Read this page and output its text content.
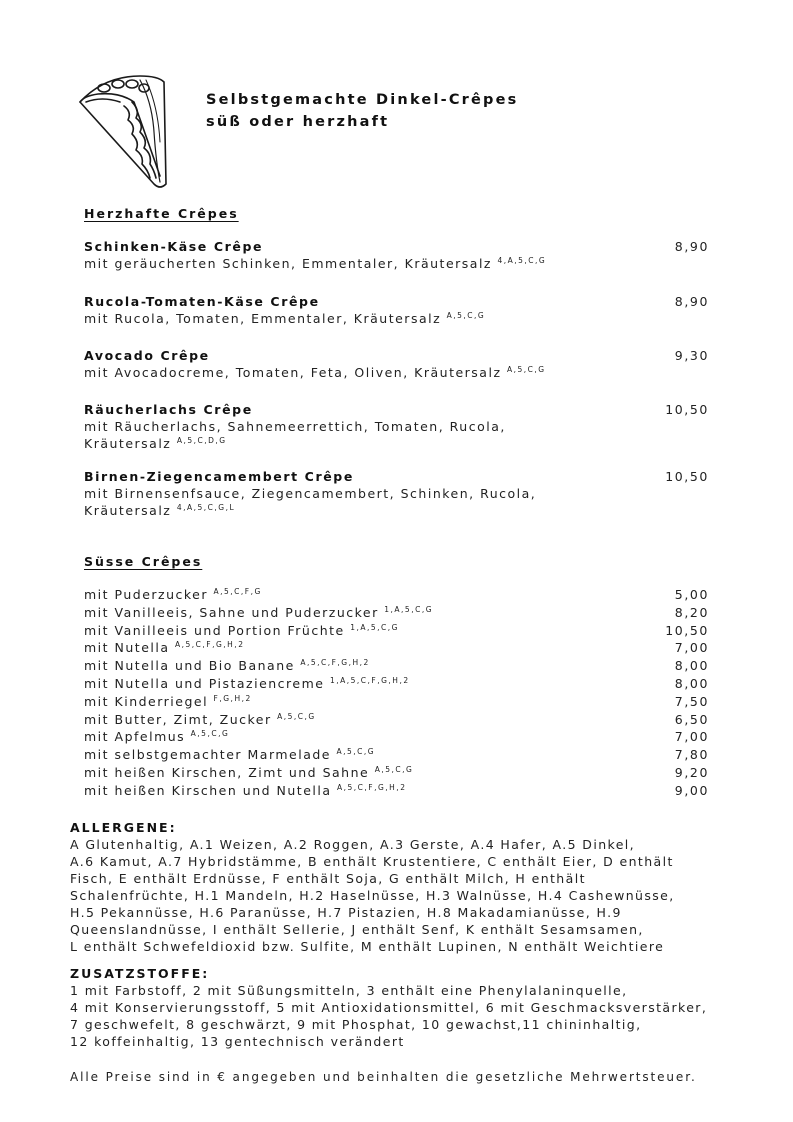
Selbstgemachte Dinkel-Crêpes
süß oder herzhaft
Herzhafte Crêpes
Schinken-Käse Crêpe
mit geräucherten Schinken, Emmentaler, Kräutersalz $^{4,A,5,C,G}$
8,90
Rucola-Tomaten-Käse Crêpe
mit Rucola, Tomaten, Emmentaler, Kräutersalz $^{A,5,C,G}$
8,90
Avocado Crêpe
mit Avocadocreme, Tomaten, Feta, Oliven, Kräutersalz $^{A,5,C,G}$
9,30
Räucherlachs Crêpe
mit Räucherlachs, Sahnemeerrettich, Tomaten, Rucola, Kräutersalz $^{A,5,C,D,G}$
10,50
Birnen-Ziegencamembert Crêpe
mit Birnensenfsauce, Ziegencamembert, Schinken, Rucola, Kräutersalz $^{4,A,5,C,G,L}$
10,50
Süsse Crêpes
mit Puderzucker $^{A,5,C,F,G}$	5,00
mit Vanilleeis, Sahne und Puderzucker $^{1,A,5,C,G}$	8,20
mit Vanilleeis und Portion Früchte $^{1,A,5,C,G}$	10,50
mit Nutella $^{A,5,C,F,G,H,2}$	7,00
mit Nutella und Bio Banane $^{A,5,C,F,G,H,2}$	8,00
mit Nutella und Pistaziencreme $^{1,A,5,C,F,G,H,2}$	8,00
mit Kinderriegel $^{F,G,H,2}$	7,50
mit Butter, Zimt, Zucker $^{A,5,C,G}$	6,50
mit Apfelmus $^{A,5,C,G}$	7,00
mit selbstgemachter Marmelade $^{A,5,C,G}$	7,80
mit heißen Kirschen, Zimt und Sahne $^{A,5,C,G}$	9,20
mit heißen Kirschen und Nutella $^{A,5,C,F,G,H,2}$	9,00
ALLERGENE:
A Glutenhaltig, A.1 Weizen, A.2 Roggen, A.3 Gerste, A.4 Hafer, A.5 Dinkel,
A.6 Kamut, A.7 Hybridstämme, B enthält Krustentiere, C enthält Eier, D enthält
Fisch, E enthält Erdnüsse, F enthält Soja, G enthält Milch, H enthält
Schalenfrüchte, H.1 Mandeln, H.2 Haselnüsse, H.3 Walnüsse, H.4 Cashewnüsse,
H.5 Pekannüsse, H.6 Paranüsse, H.7 Pistazien, H.8 Makadamianüsse, H.9
Queenslandnüsse, I enthält Sellerie, J enthält Senf, K enthält Sesamsamen,
L enthält Schwefeldioxid bzw. Sulfite, M enthält Lupinen, N enthält Weichtiere
ZUSATZSTOFFE:
1 mit Farbstoff, 2 mit Süßungsmitteln, 3 enthält eine Phenylalaninquelle,
4 mit Konservierungsstoff, 5 mit Antioxidationsmittel, 6 mit Geschmacksverstärker,
7 geschwefelt, 8 geschwärzt, 9 mit Phosphat, 10 gewachst,11 chininhaltig,
12 koffeinhaltig, 13 gentechnisch verändert
Alle Preise sind in € angegeben und beinhalten die gesetzliche Mehrwertsteuer.
